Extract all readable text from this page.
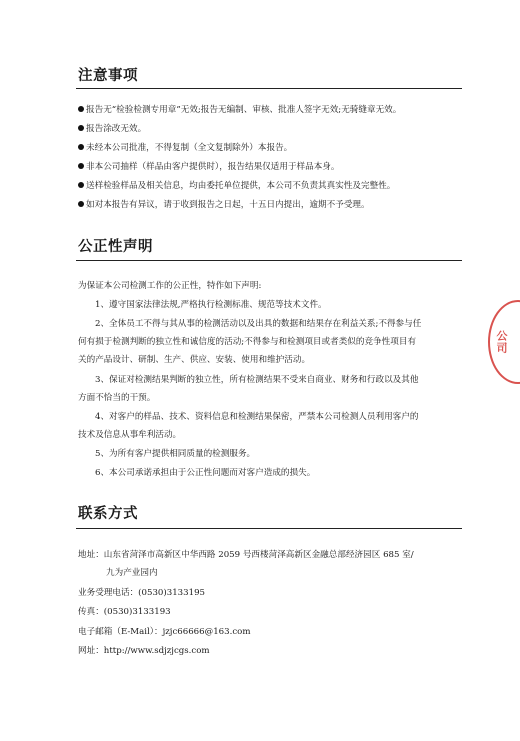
注意事项
报告无“检验检测专用章”无效;报告无编制、审核、批准人签字无效;无骑缝章无效。
报告涂改无效。
未经本公司批准，不得复制（全文复制除外）本报告。
非本公司抽样（样品由客户提供时），报告结果仅适用于样品本身。
送样检验样品及相关信息，均由委托单位提供，本公司不负责其真实性及完整性。
如对本报告有异议，请于收到报告之日起，十五日内提出，逾期不予受理。
公正性声明
为保证本公司检测工作的公正性，特作如下声明:
1、遵守国家法律法规,严格执行检测标准、规范等技术文件。
2、全体员工不得与其从事的检测活动以及出具的数据和结果存在利益关系;不得参与任
何有损于检测判断的独立性和诚信度的活动;不得参与和检测项目或者类似的竞争性项目有
关的产品设计、研制、生产、供应、安装、使用和维护活动。
3、保证对检测结果判断的独立性，所有检测结果不受来自商业、财务和行政以及其他
方面不恰当的干预。
4、对客户的样品、技术、资料信息和检测结果保密，严禁本公司检测人员利用客户的
技术及信息从事牟利活动。
5、为所有客户提供相同质量的检测服务。
6、本公司承诺承担由于公正性问题而对客户造成的损失。
联系方式
地址：山东省菏泽市高新区中华西路 2059 号西楼菏泽高新区金融总部经济园区 685 室/
九为产业园内
业务受理电话：(0530)3133195
传真：(0530)3133193
电子邮箱（E-Mail）：jzjc66666@163.com
网址：http://www.sdjzjcgs.com
公司
